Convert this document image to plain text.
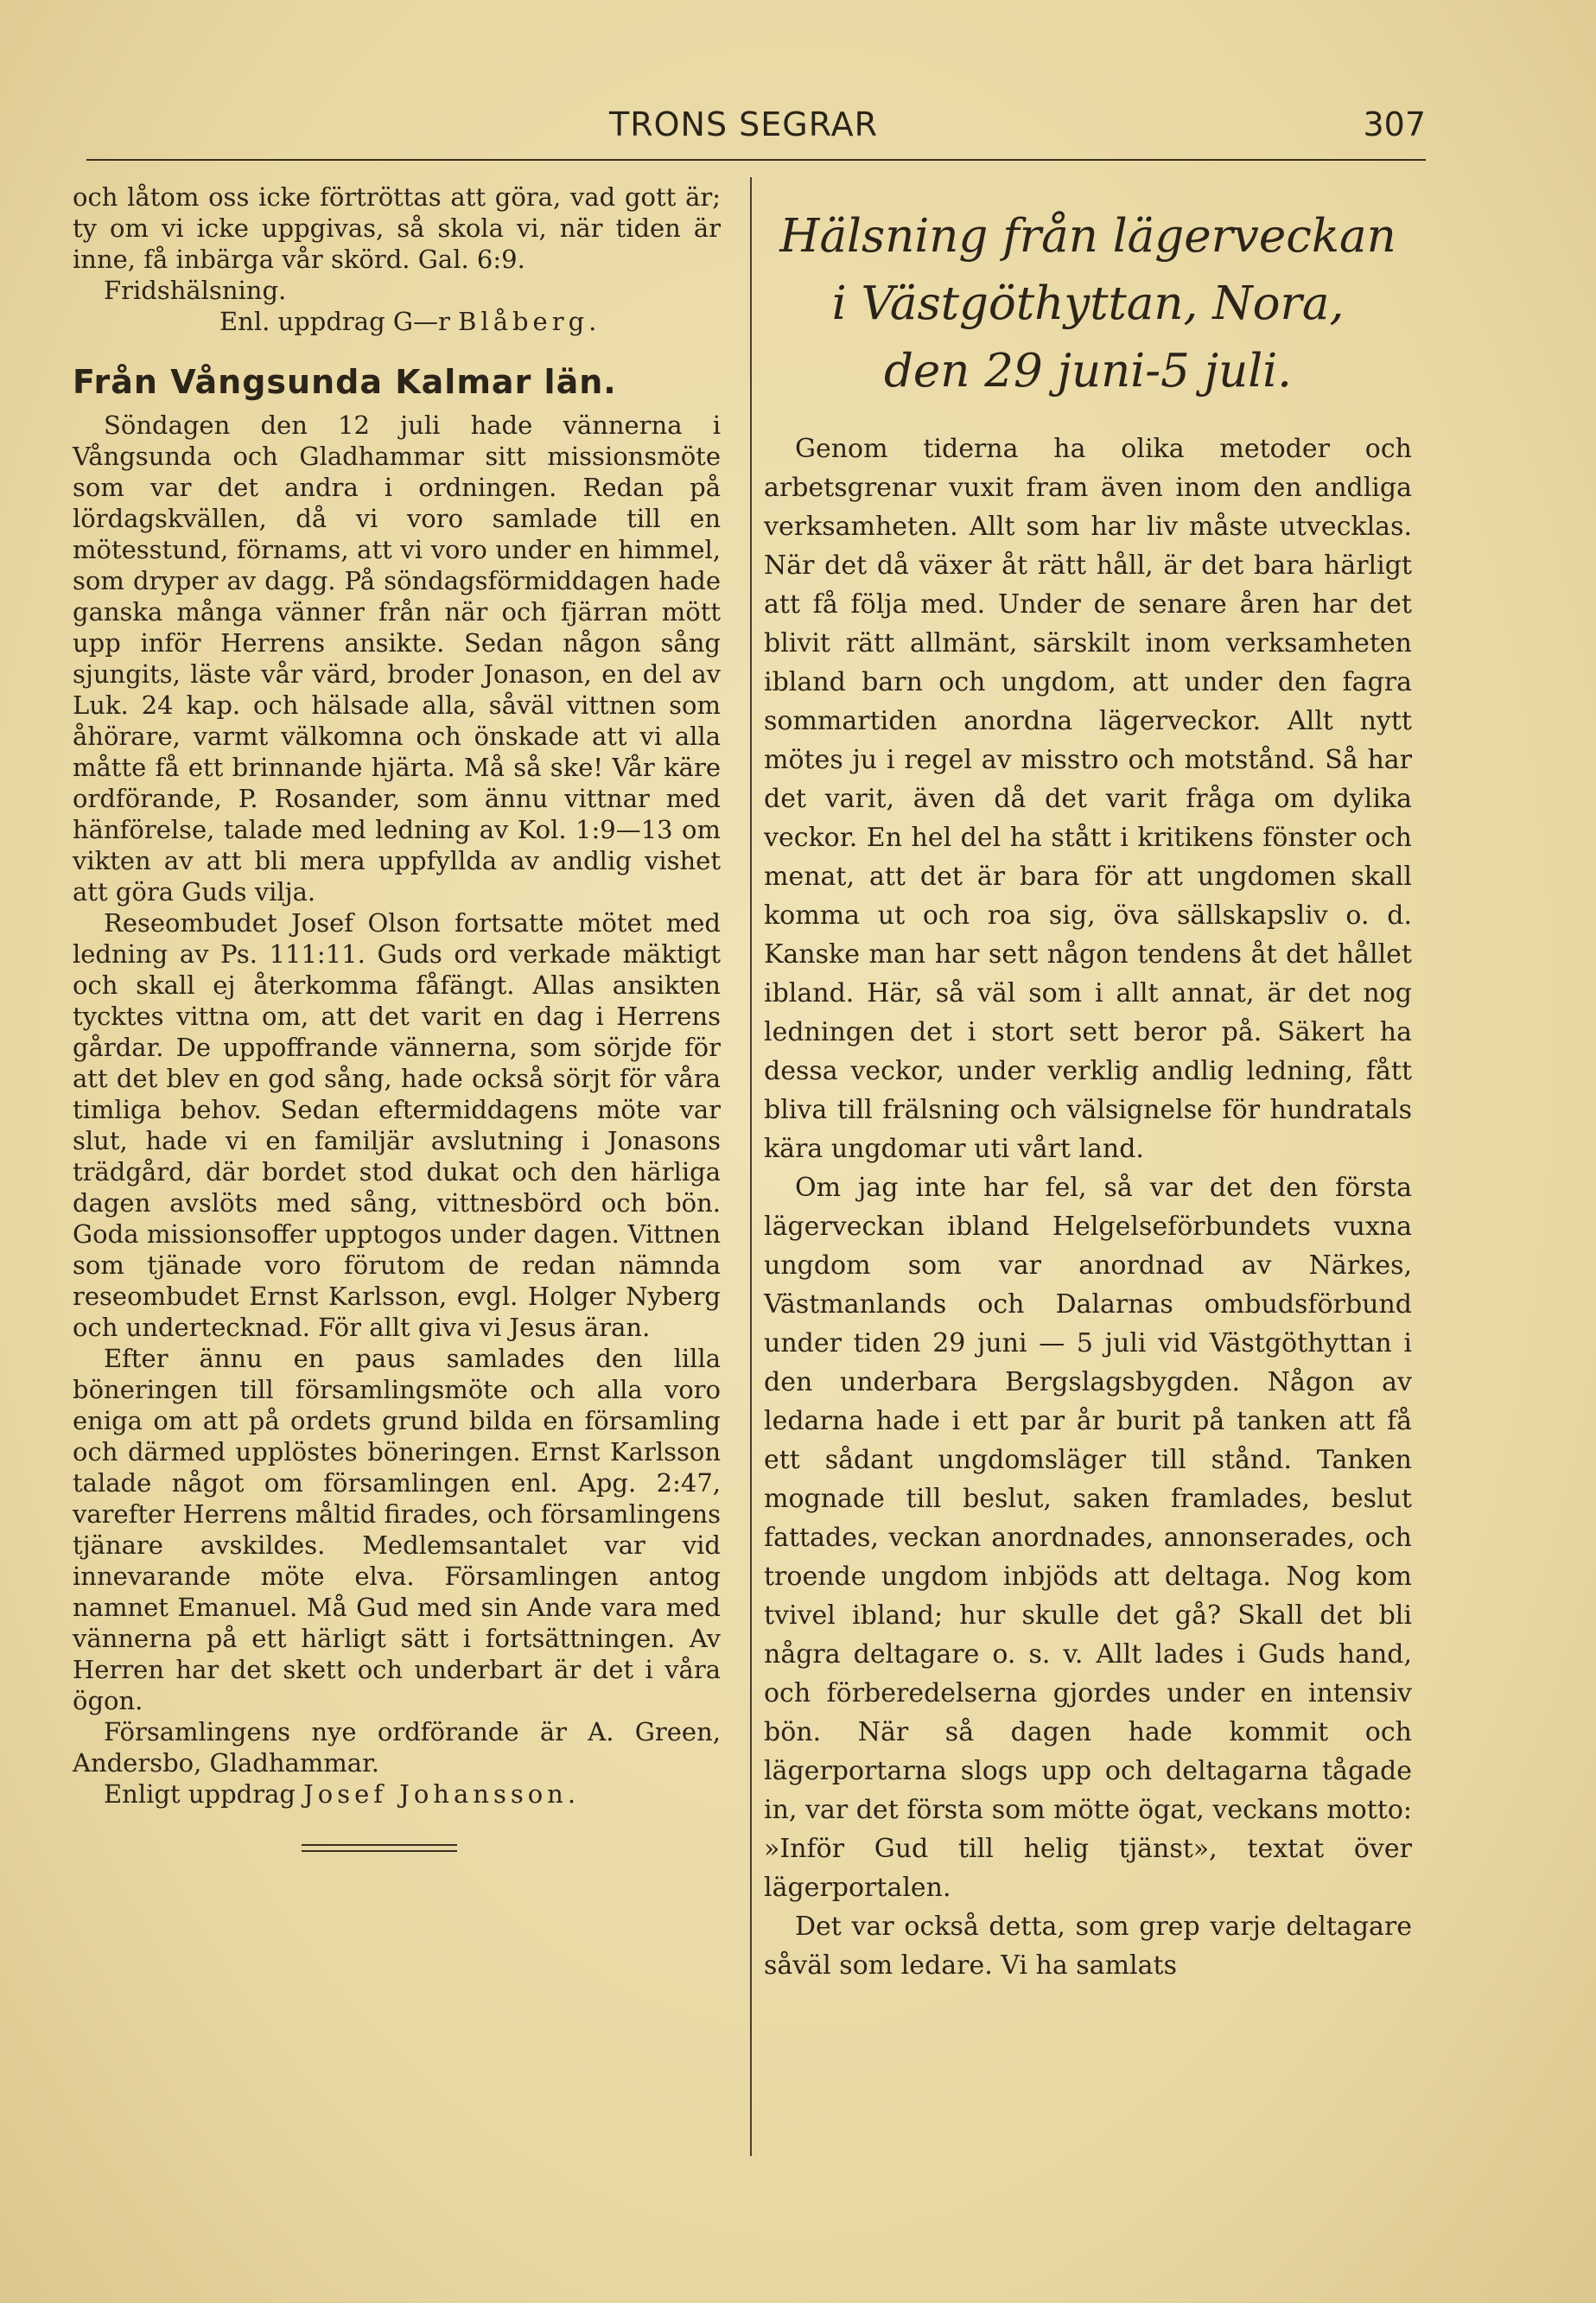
TRONS SEGRAR	307

och låtom oss icke förtröttas att göra, vad gott är; ty om vi icke uppgivas, så skola vi, när tiden är inne, få inbärga vår skörd. Gal. 6:9.

Fridshälsning.

Enl. uppdrag G—r Blåberg.

Från Vångsunda Kalmar län.

Söndagen den 12 juli hade vännerna i Vångsunda och Gladhammar sitt missionsmöte som var det andra i ordningen. Redan på lördagskvällen, då vi voro samlade till en mötesstund, förnams, att vi voro under en himmel, som dryper av dagg. På söndagsförmiddagen hade ganska många vänner från när och fjärran mött upp inför Herrens ansikte. Sedan någon sång sjungits, läste vår värd, broder Jonason, en del av Luk. 24 kap. och hälsade alla, såväl vittnen som åhörare, varmt välkomna och önskade att vi alla måtte få ett brinnande hjärta. Må så ske! Vår käre ordförande, P. Rosander, som ännu vittnar med hänförelse, talade med ledning av Kol. 1:9—13 om vikten av att bli mera uppfyllda av andlig vishet att göra Guds vilja.

Reseombudet Josef Olson fortsatte mötet med ledning av Ps. 111:11. Guds ord verkade mäktigt och skall ej återkomma fåfängt. Allas ansikten tycktes vittna om, att det varit en dag i Herrens gårdar. De uppoffrande vännerna, som sörjde för att det blev en god sång, hade också sörjt för våra timliga behov. Sedan eftermiddagens möte var slut, hade vi en familjär avslutning i Jonasons trädgård, där bordet stod dukat och den härliga dagen avslöts med sång, vittnesbörd och bön. Goda missionsoffer upptogos under dagen. Vittnen som tjänade voro förutom de redan nämnda reseombudet Ernst Karlsson, evgl. Holger Nyberg och undertecknad. För allt giva vi Jesus äran.

Efter ännu en paus samlades den lilla böneringen till församlingsmöte och alla voro eniga om att på ordets grund bilda en församling och därmed upplöstes böneringen. Ernst Karlsson talade något om församlingen enl. Apg. 2:47, varefter Herrens måltid firades, och församlingens tjänare avskildes. Medlemsantalet var vid innevarande möte elva. Församlingen antog namnet Emanuel. Må Gud med sin Ande vara med vännerna på ett härligt sätt i fortsättningen. Av Herren har det skett och underbart är det i våra ögon.

Församlingens nye ordförande är A. Green, Andersbo, Gladhammar.

Enligt uppdrag Josef Johansson.

Hälsning från lägerveckan
i Västgöthyttan, Nora,
den 29 juni-5 juli.

Genom tiderna ha olika metoder och arbetsgrenar vuxit fram även inom den andliga verksamheten. Allt som har liv måste utvecklas. När det då växer åt rätt håll, är det bara härligt att få följa med. Under de senare åren har det blivit rätt allmänt, särskilt inom verksamheten ibland barn och ungdom, att under den fagra sommartiden anordna lägerveckor. Allt nytt mötes ju i regel av misstro och motstånd. Så har det varit, även då det varit fråga om dylika veckor. En hel del ha stått i kritikens fönster och menat, att det är bara för att ungdomen skall komma ut och roa sig, öva sällskapsliv o. d. Kanske man har sett någon tendens åt det hållet ibland. Här, så väl som i allt annat, är det nog ledningen det i stort sett beror på. Säkert ha dessa veckor, under verklig andlig ledning, fått bliva till frälsning och välsignelse för hundratals kära ungdomar uti vårt land.

Om jag inte har fel, så var det den första lägerveckan ibland Helgelseförbundets vuxna ungdom som var anordnad av Närkes, Västmanlands och Dalarnas ombudsförbund under tiden 29 juni — 5 juli vid Västgöthyttan i den underbara Bergslagsbygden. Någon av ledarna hade i ett par år burit på tanken att få ett sådant ungdomsläger till stånd. Tanken mognade till beslut, saken framlades, beslut fattades, veckan anordnades, annonserades, och troende ungdom inbjöds att deltaga. Nog kom tvivel ibland; hur skulle det gå? Skall det bli några deltagare o. s. v. Allt lades i Guds hand, och förberedelserna gjordes under en intensiv bön. När så dagen hade kommit och lägerportarna slogs upp och deltagarna tågade in, var det första som mötte ögat, veckans motto: »Inför Gud till helig tjänst», textat över lägerportalen.

Det var också detta, som grep varje deltagare såväl som ledare. Vi ha samlats
